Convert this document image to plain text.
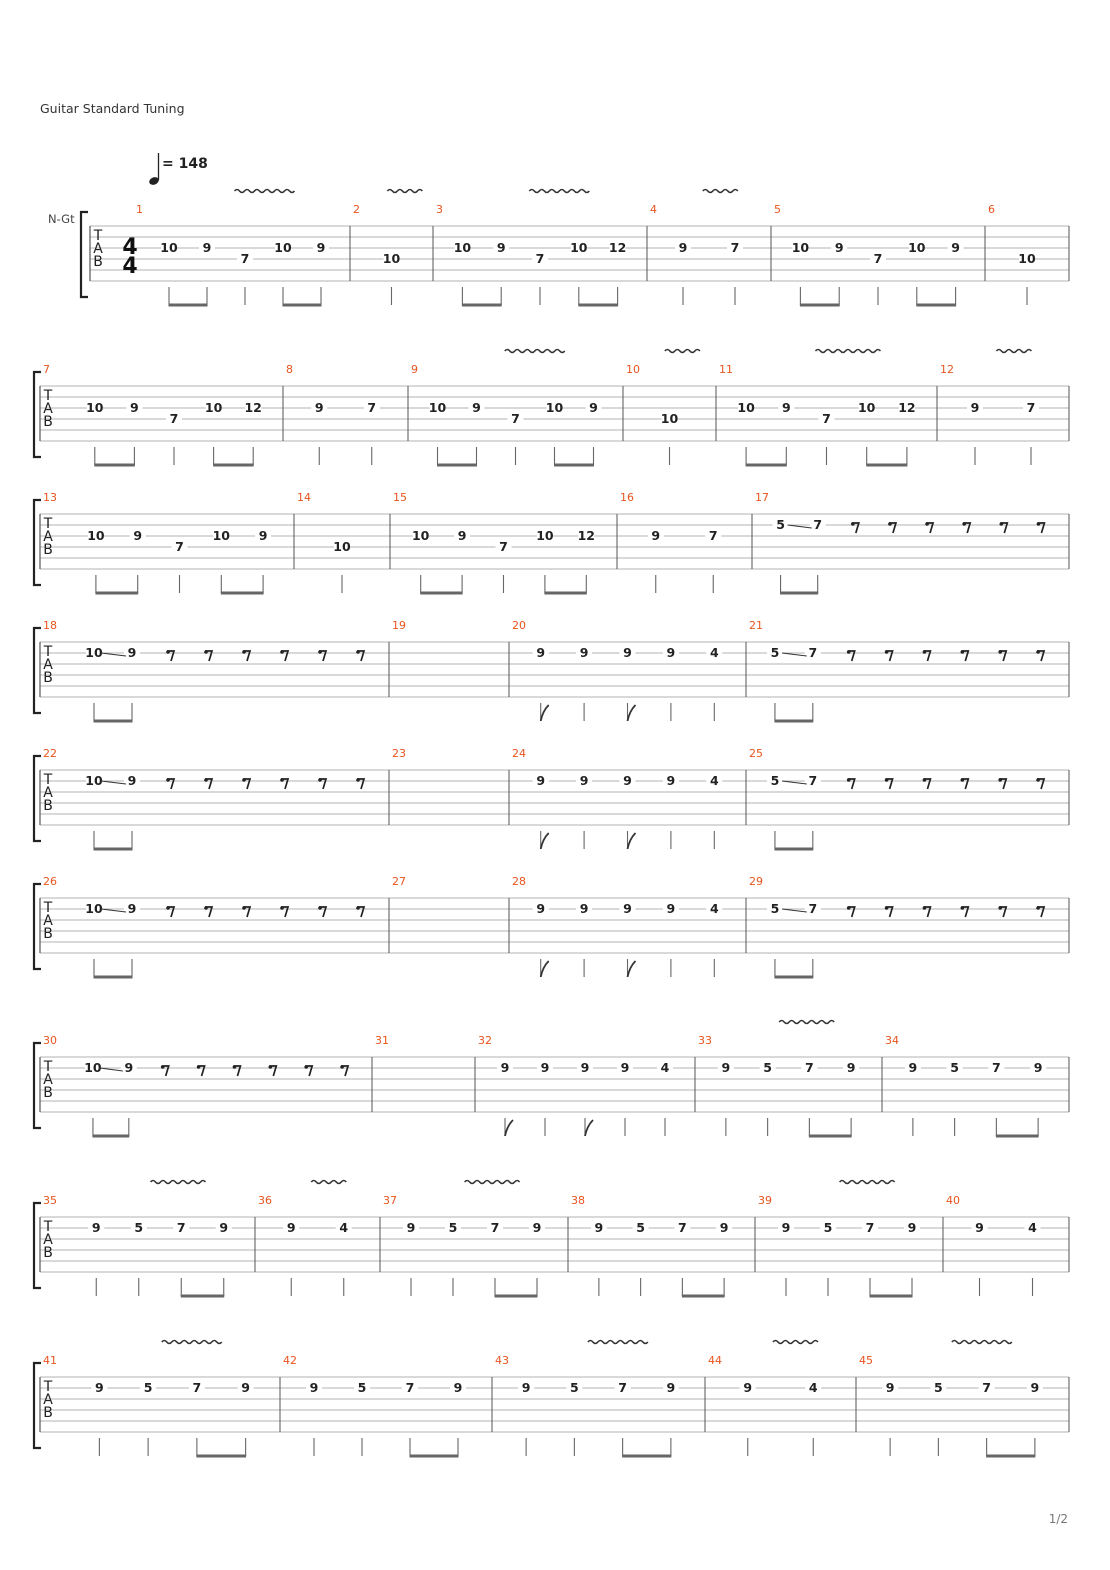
Guitar Standard Tuning
= 148
T
A
B
N-Gt
4
4
1
10 9
7
10 9
2
10
3
10 9
7
10 12
4
9	7
5
10 9
7
10 9
6
10
T
A
B
7
10 9
7
10 12
8
9	7
9
10 9
7
10 9
10
10
11
10 9
7
10 12
12
9	7
T
A
B
13
10 9
7
10 9
14
10
15
10 9
7
10 12
16
9	7
17
5 7
T
A
B
18
10 9
19	20
9	9	9	9	4
21
5 7
T
A
B
22
10 9
23	24
9	9	9	9	4
25
5 7
T
A
B
26
10 9
27	28
9	9	9	9	4
29
5 7
T
A
B
30
10 9
31	32
9	9	9	9	4
33
9	5	7	9
34
9	5	7	9
T
A
B
35
9	5	7	9
36
9	4
37
9	5	7	9
38
9	5	7	9
39
9	5	7	9
40
9	4
T
A
B
41
9	5	7	9
42
9	5	7	9
43
9	5	7	9
44
9	4
45
9	5	7	9
1/2
